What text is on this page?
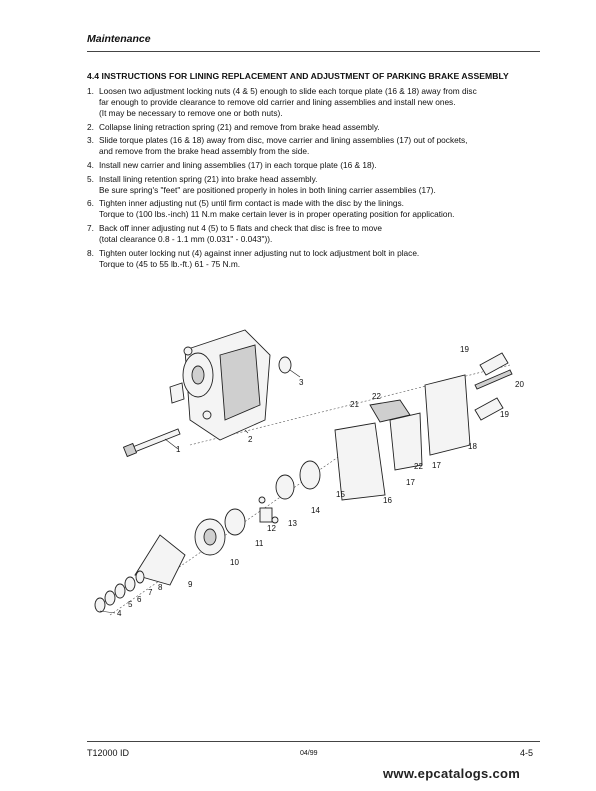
Maintenance
4.4 INSTRUCTIONS FOR LINING REPLACEMENT AND ADJUSTMENT OF PARKING BRAKE ASSEMBLY
1. Loosen two adjustment locking nuts (4 & 5) enough to slide each torque plate (16 & 18) away from disc
far enough to provide clearance to remove old carrier and lining assemblies and install new ones.
(It may be necessary to remove one or both nuts).
2. Collapse lining retraction spring (21) and remove from brake head assembly.
3. Slide torque plates (16 & 18) away from disc, move carrier and lining assemblies (17) out of pockets,
and remove from the brake head assembly from the side.
4. Install new carrier and lining assemblies (17) in each torque plate (16 & 18).
5. Install lining retention spring (21) into brake head assembly.
Be sure spring's "feet" are positioned properly in holes in both lining carrier assemblies (17).
6. Tighten inner adjusting nut (5) until firm contact is made with the disc by the linings.
Torque to (100 lbs.-inch) 11 N.m make certain lever is in proper operating position for application.
7. Back off inner adjusting nut 4 (5) to 5 flats and check that disc is free to move
(total clearance 0.8 - 1.1 mm (0.031" - 0.043")).
8. Tighten outer locking nut (4) against inner adjusting nut to lock adjustment bolt in place.
Torque to (45 to 55 lb.-ft.) 61 - 75 N.m.
1
2
3
4
5
6
7
8	9
10
11
12
13
14
15
16
17
17
18
19
19
20
21
22
22
T12000 ID	04/99	4-5
www.epcatalogs.com
